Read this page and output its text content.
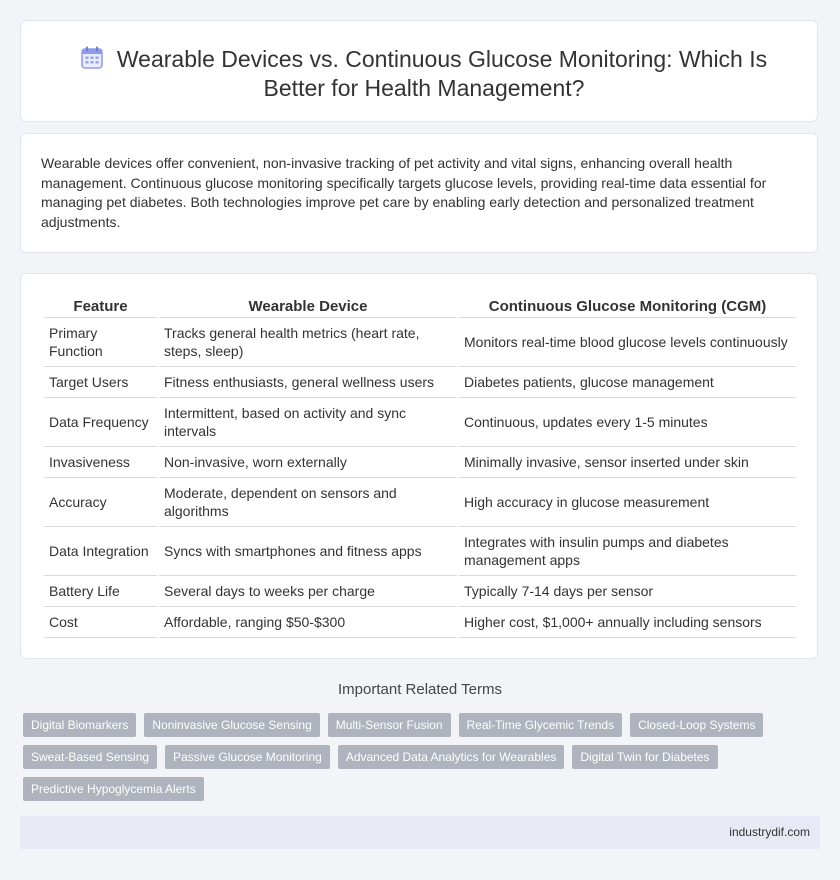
Wearable Devices vs. Continuous Glucose Monitoring: Which Is Better for Health Management?

Wearable devices offer convenient, non-invasive tracking of pet activity and vital signs, enhancing overall health management. Continuous glucose monitoring specifically targets glucose levels, providing real-time data essential for managing pet diabetes. Both technologies improve pet care by enabling early detection and personalized treatment adjustments.

Feature	Wearable Device	Continuous Glucose Monitoring (CGM)
Primary Function	Tracks general health metrics (heart rate, steps, sleep)	Monitors real-time blood glucose levels continuously
Target Users	Fitness enthusiasts, general wellness users	Diabetes patients, glucose management
Data Frequency	Intermittent, based on activity and sync intervals	Continuous, updates every 1-5 minutes
Invasiveness	Non-invasive, worn externally	Minimally invasive, sensor inserted under skin
Accuracy	Moderate, dependent on sensors and algorithms	High accuracy in glucose measurement
Data Integration	Syncs with smartphones and fitness apps	Integrates with insulin pumps and diabetes management apps
Battery Life	Several days to weeks per charge	Typically 7-14 days per sensor
Cost	Affordable, ranging $50-$300	Higher cost, $1,000+ annually including sensors
Important Related Terms
Digital Biomarkers	Noninvasive Glucose Sensing	Multi-Sensor Fusion	Real-Time Glycemic Trends	Closed-Loop Systems
Sweat-Based Sensing	Passive Glucose Monitoring	Advanced Data Analytics for Wearables	Digital Twin for Diabetes
Predictive Hypoglycemia Alerts
industrydif.com
